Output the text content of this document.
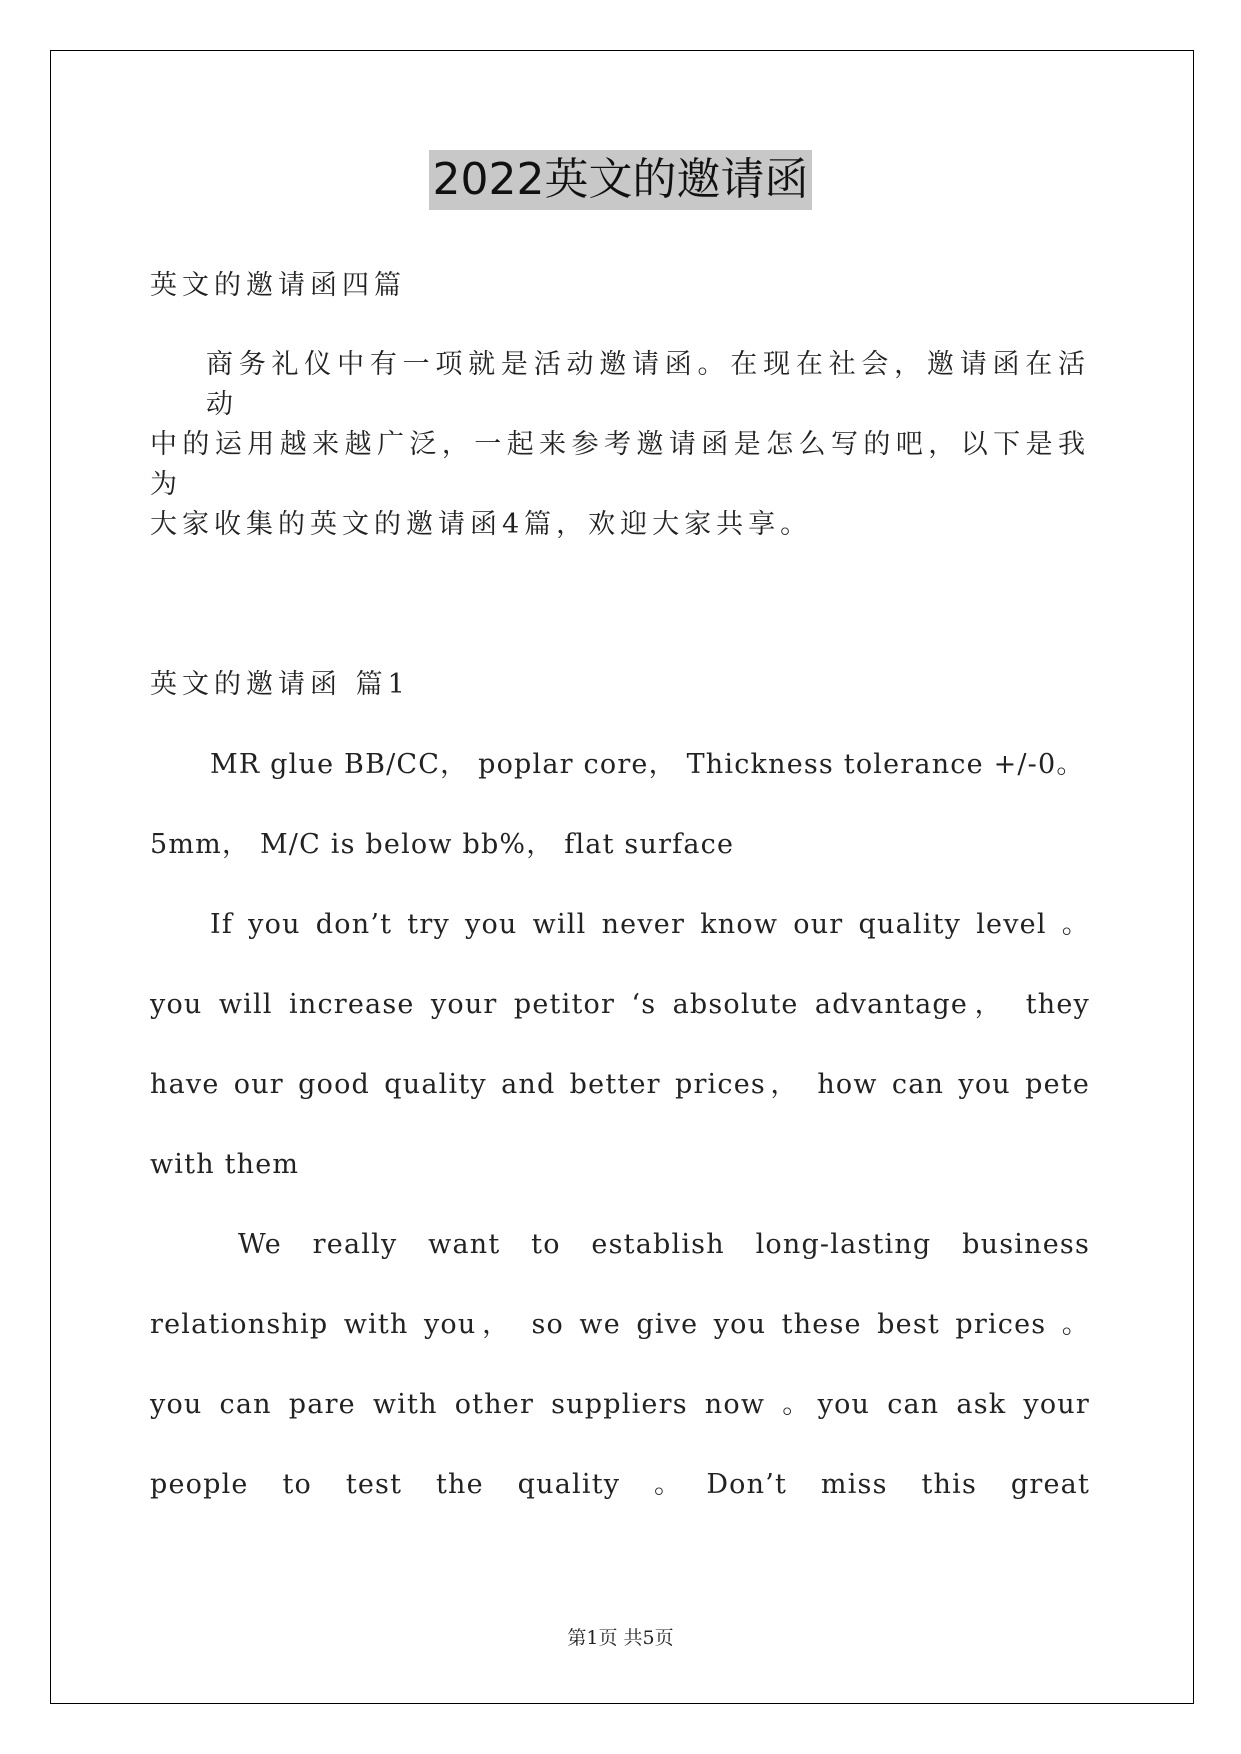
2022英文的邀请函
英文的邀请函四篇
商务礼仪中有一项就是活动邀请函。在现在社会，邀请函在活动
中的运用越来越广泛，一起来参考邀请函是怎么写的吧，以下是我为
大家收集的英文的邀请函4篇，欢迎大家共享。
英文的邀请函 篇1
MR glue BB/CC， poplar core， Thickness tolerance +/-0。
5mm， M/C is below bb%， flat surface
If you don’t try you will never know our quality level 。
you will increase your petitor ‘s absolute advantage， they
have our good quality and better prices， how can you pete
with them
We really want to establish long-lasting business
relationship with you， so we give you these best prices 。
you can pare with other suppliers now 。you can ask your
people to test the quality 。Don’t miss this great
第1页 共5页
